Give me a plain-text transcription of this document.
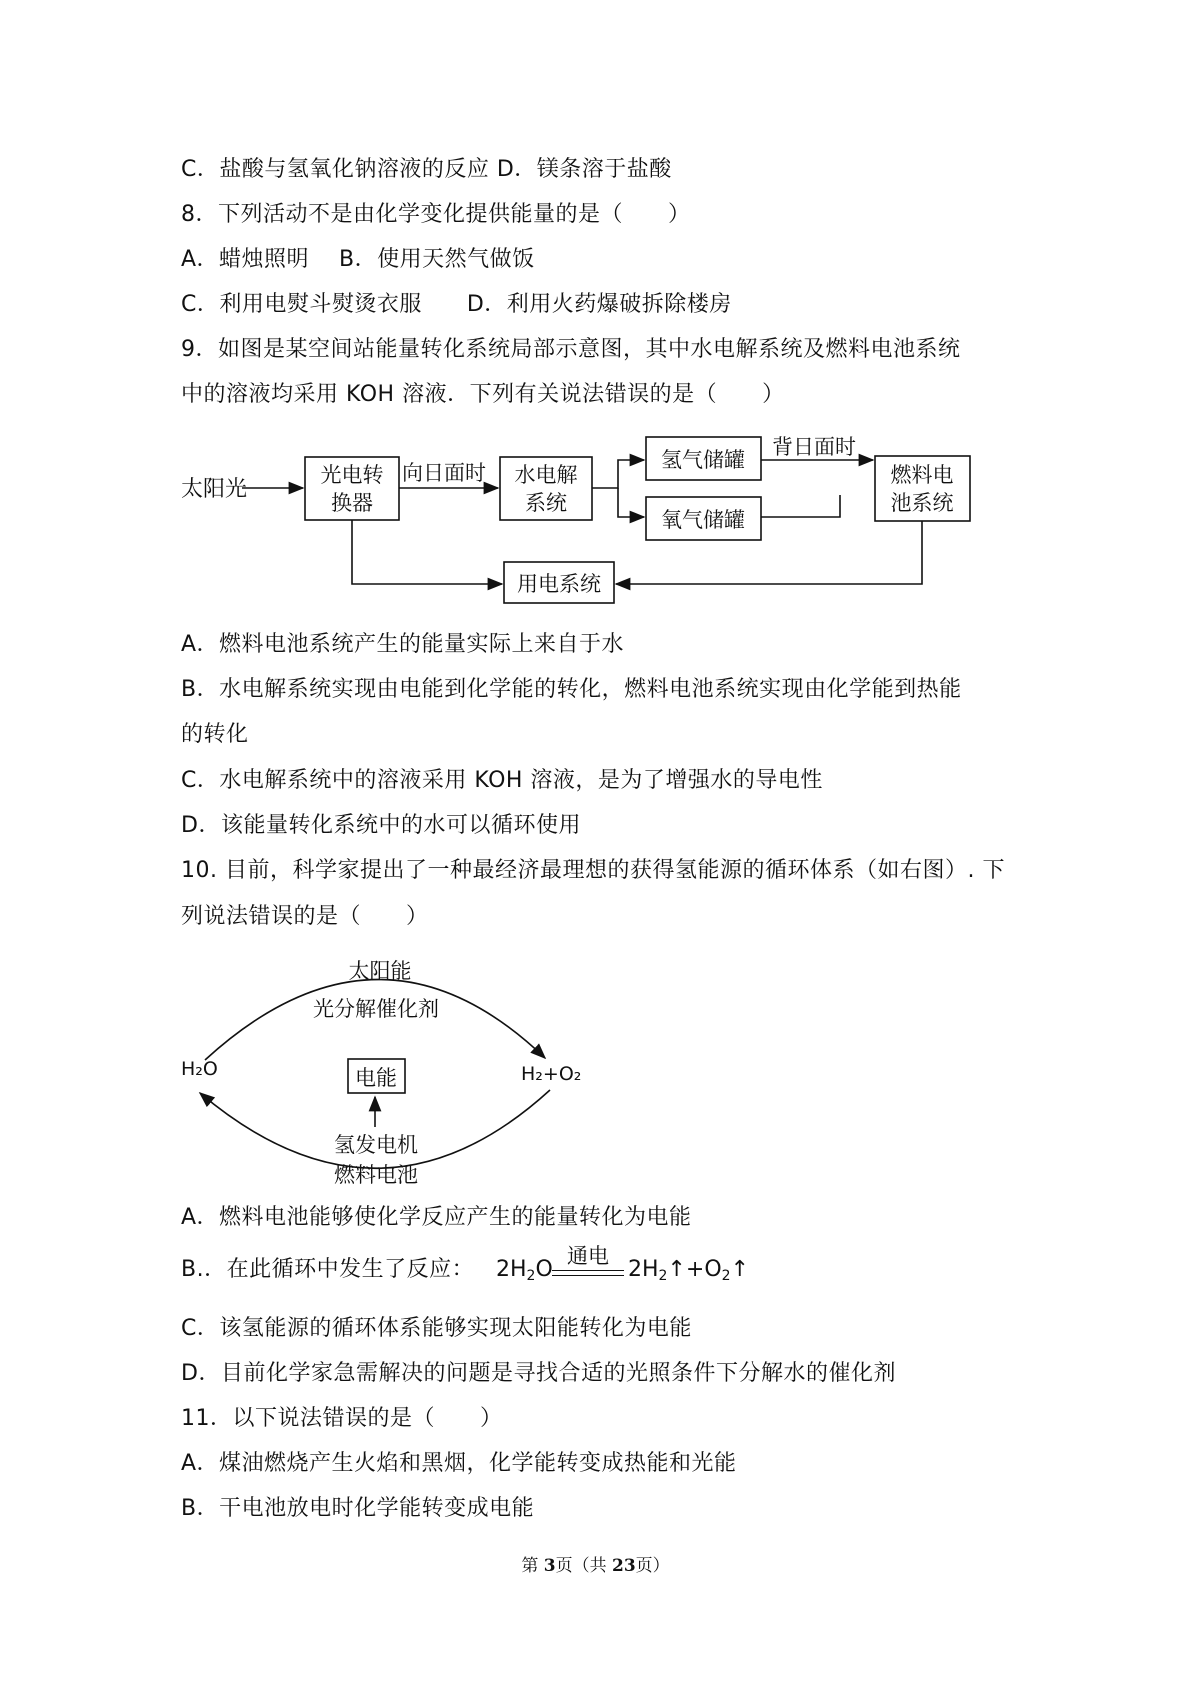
C．盐酸与氢氧化钠溶液的反应 D．镁条溶于盐酸
8．下列活动不是由化学变化提供能量的是（　　）
A．蜡烛照明　 B．使用天然气做饭
C．利用电熨斗熨烫衣服　　D．利用火药爆破拆除楼房
9．如图是某空间站能量转化系统局部示意图，其中水电解系统及燃料电池系统
中的溶液均采用 KOH 溶液．下列有关说法错误的是（　　）
太阳光
光电转
换器
向日面时 水电解
系统
氢气储罐
氧气储罐
背日面时
燃料电
池系统
用电系统
太阳能
光分解催化剂
H₂O	H₂+O₂
电能
氢发电机
燃料电池
A．燃料电池系统产生的能量实际上来自于水
B．水电解系统实现由电能到化学能的转化，燃料电池系统实现由化学能到热能
的转化
C．水电解系统中的溶液采用 KOH 溶液，是为了增强水的导电性
D．该能量转化系统中的水可以循环使用
10. 目前，科学家提出了一种最经济最理想的获得氢能源的循环体系（如右图）. 下
列说法错误的是（　　）
A．燃料电池能够使化学反应产生的能量转化为电能
B.．在此循环中发生了反应： $2H_2O$
通电
$2H_2↑+O_2↑$
C．该氢能源的循环体系能够实现太阳能转化为电能
D．目前化学家急需解决的问题是寻找合适的光照条件下分解水的催化剂
11．以下说法错误的是（　　）
A．煤油燃烧产生火焰和黑烟，化学能转变成热能和光能
B．干电池放电时化学能转变成电能
第 3页（共 23页）
